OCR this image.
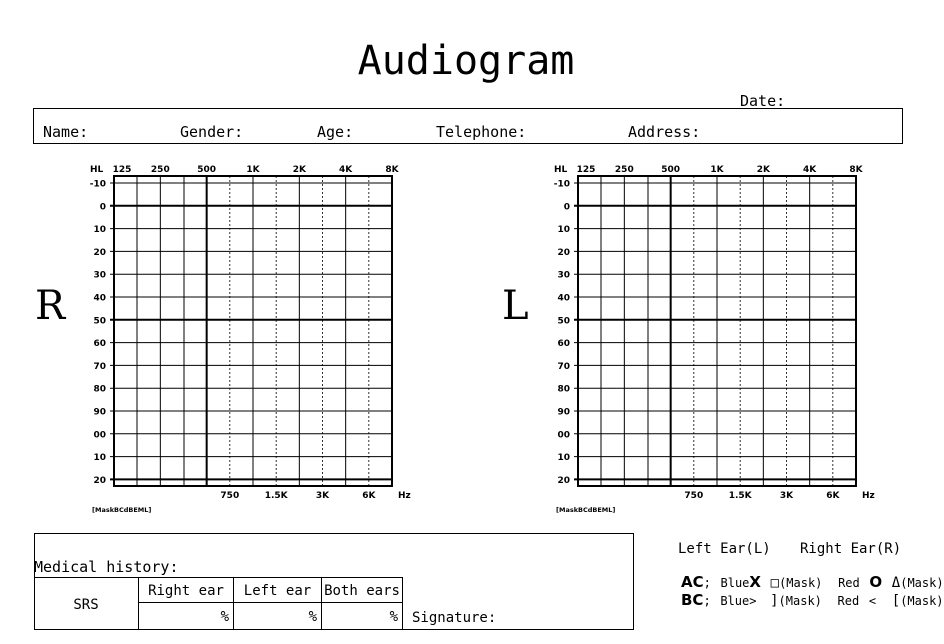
Audiogram
Date:
Name:	Gender:	Age:	Telephone:	Address:
R	L
125 250	500	1K	2K	4K	8K
750	1.5K	3K	6K
-10
0
10
20
30
40
50
60
70
80
90
00
10
20
HL
Hz
[MaskBCdBEML]
125 250	500	1K	2K	4K	8K
750	1.5K	3K	6K
-10
0
10
20
30
40
50
60
70
80
90
00
10
20
HL
Hz
[MaskBCdBEML]
Medical history:
SRS
Right ear	Left ear Both ears
%	%	%	Signature:
Left Ear(L) Right Ear(R)
AC; BlueX □(Mask) Red O Δ(Mask)
BC; Blue> ](Mask) Red < [(Mask)
